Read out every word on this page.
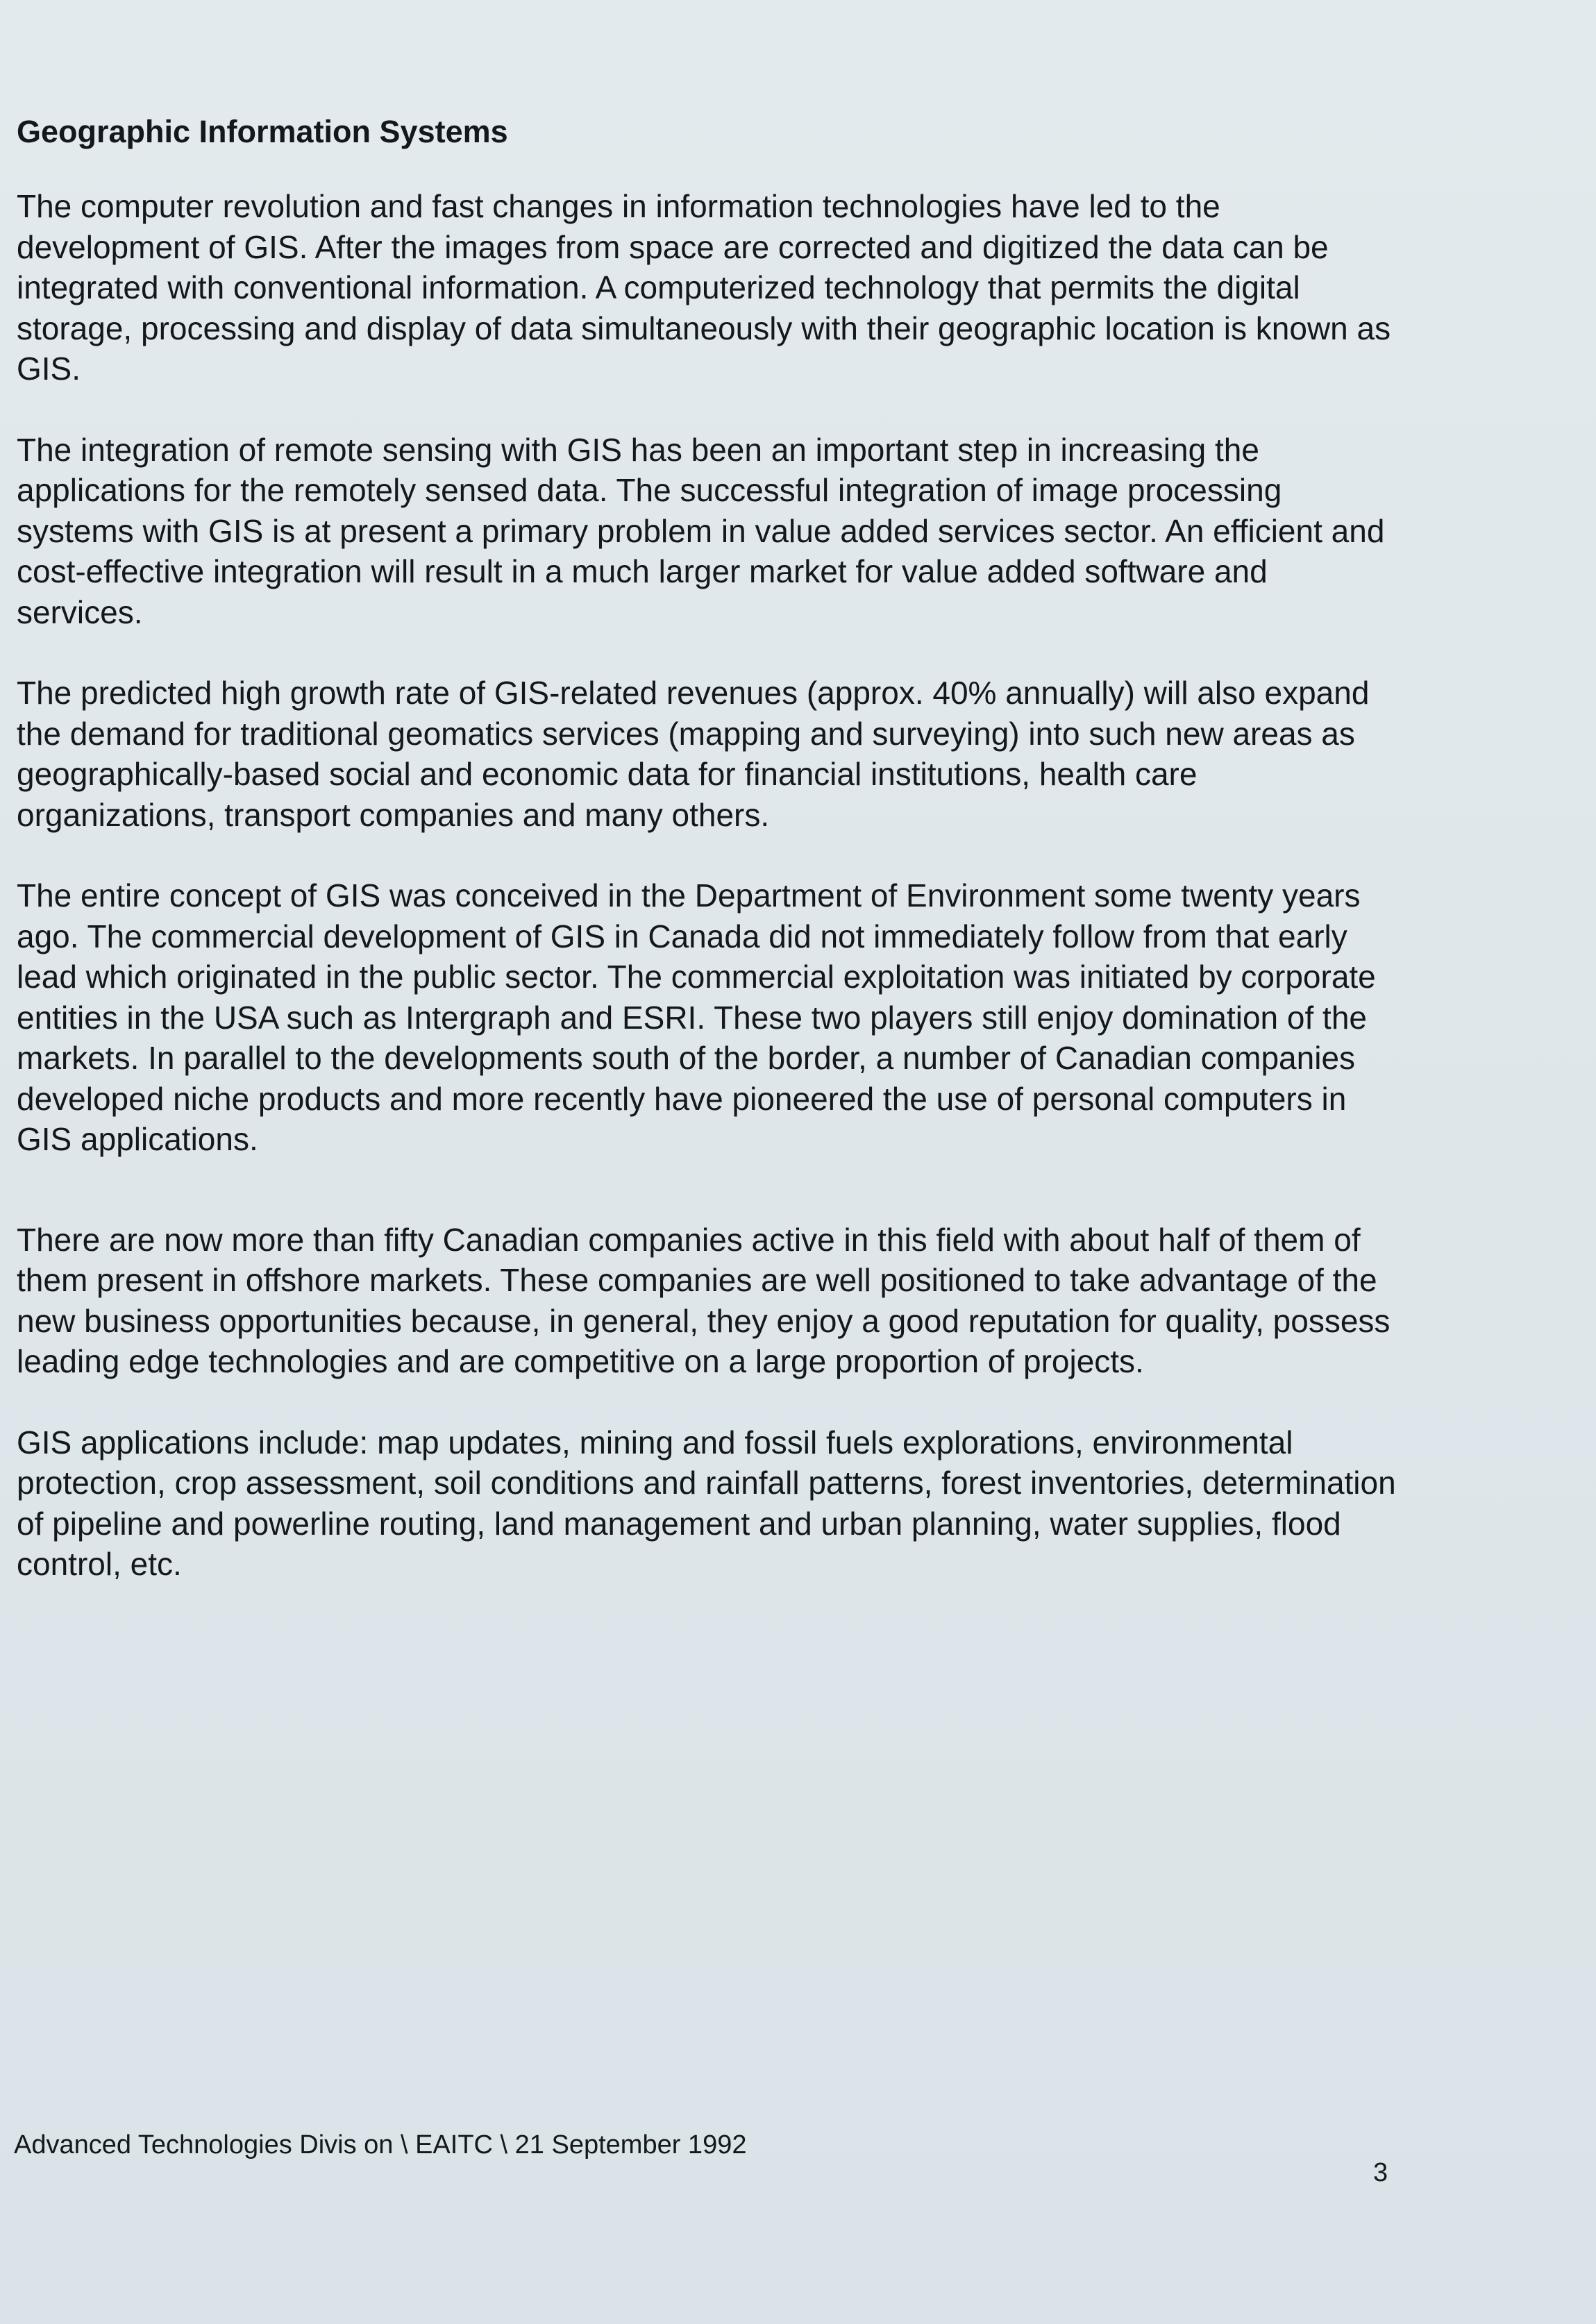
Geographic Information Systems

The computer revolution and fast changes in information technologies have led to the development of GIS. After the images from space are corrected and digitized the data can be integrated with conventional information. A computerized technology that permits the digital storage, processing and display of data simultaneously with their geographic location is known as GIS.

The integration of remote sensing with GIS has been an important step in increasing the applications for the remotely sensed data. The successful integration of image processing systems with GIS is at present a primary problem in value added services sector. An efficient and cost-effective integration will result in a much larger market for value added software and services.

The predicted high growth rate of GIS-related revenues (approx. 40% annually) will also expand the demand for traditional geomatics services (mapping and surveying) into such new areas as geographically-based social and economic data for financial institutions, health care organizations, transport companies and many others.

The entire concept of GIS was conceived in the Department of Environment some twenty years ago. The commercial development of GIS in Canada did not immediately follow from that early lead which originated in the public sector. The commercial exploitation was initiated by corporate entities in the USA such as Intergraph and ESRI. These two players still enjoy domination of the markets. In parallel to the developments south of the border, a number of Canadian companies developed niche products and more recently have pioneered the use of personal computers in GIS applications.

There are now more than fifty Canadian companies active in this field with about half of them of them present in offshore markets. These companies are well positioned to take advantage of the new business opportunities because, in general, they enjoy a good reputation for quality, possess leading edge technologies and are competitive on a large proportion of projects.

GIS applications include: map updates, mining and fossil fuels explorations, environmental protection, crop assessment, soil conditions and rainfall patterns, forest inventories, determination of pipeline and powerline routing, land management and urban planning, water supplies, flood control, etc.

Advanced Technologies Divis on \ EAITC \ 21 September 1992
3
